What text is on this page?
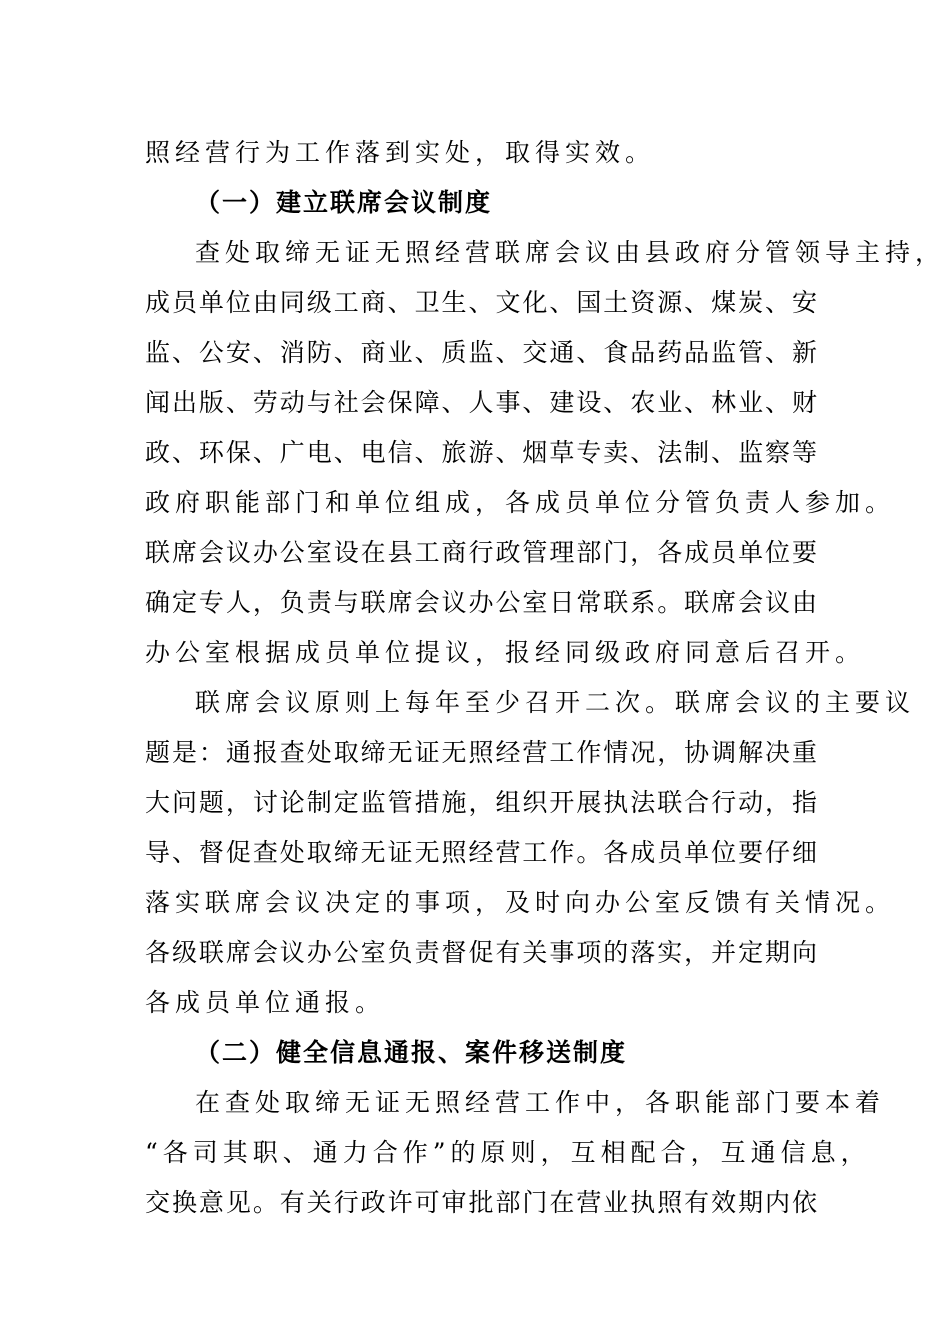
照经营行为工作落到实处，取得实效。
（一）建立联席会议制度
查处取缔无证无照经营联席会议由县政府分管领导主持，
成员单位由同级工商、卫生、文化、国土资源、煤炭、安
监、公安、消防、商业、质监、交通、食品药品监管、新
闻出版、劳动与社会保障、人事、建设、农业、林业、财
政、环保、广电、电信、旅游、烟草专卖、法制、监察等
政府职能部门和单位组成，各成员单位分管负责人参加。
联席会议办公室设在县工商行政管理部门，各成员单位要
确定专人，负责与联席会议办公室日常联系。联席会议由
办公室根据成员单位提议，报经同级政府同意后召开。
联席会议原则上每年至少召开二次。联席会议的主要议
题是：通报查处取缔无证无照经营工作情况，协调解决重
大问题，讨论制定监管措施，组织开展执法联合行动，指
导、督促查处取缔无证无照经营工作。各成员单位要仔细
落实联席会议决定的事项，及时向办公室反馈有关情况。
各级联席会议办公室负责督促有关事项的落实，并定期向
各成员单位通报。
（二）健全信息通报、案件移送制度
在查处取缔无证无照经营工作中，各职能部门要本着
“各司其职、通力合作”的原则，互相配合，互通信息，
交换意见。有关行政许可审批部门在营业执照有效期内依
